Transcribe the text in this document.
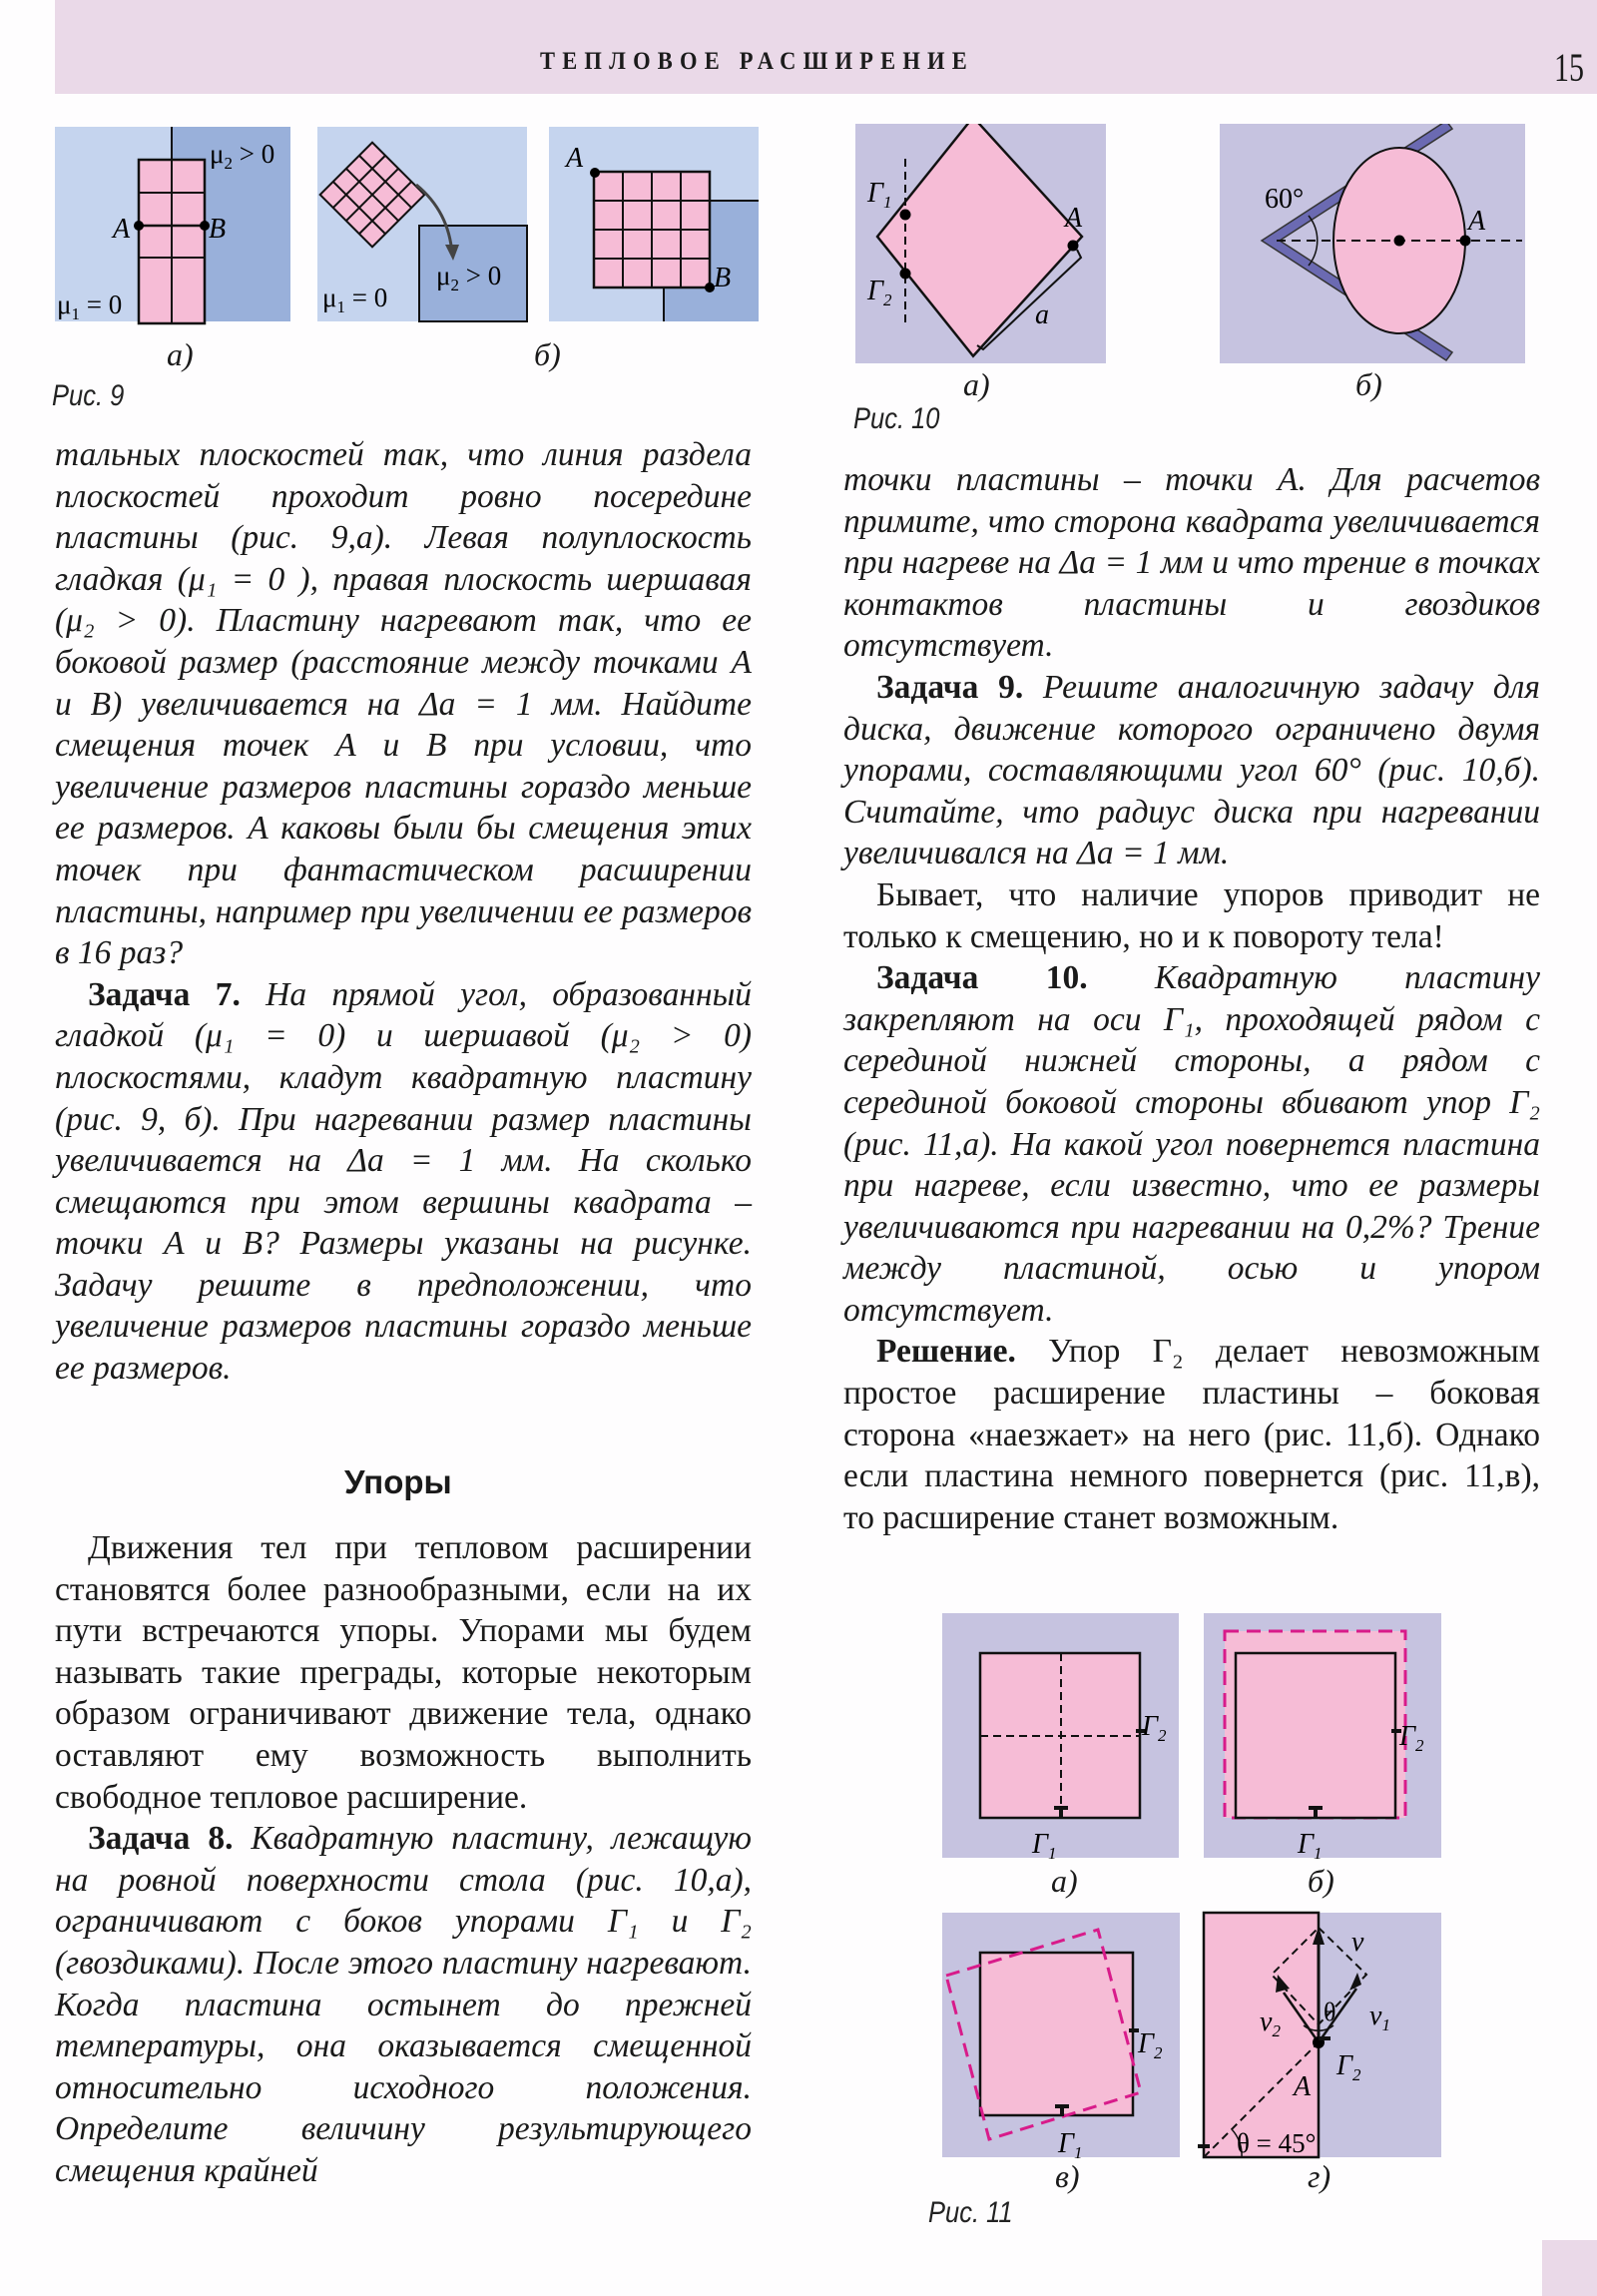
ТЕПЛОВОЕ РАСШИРЕНИЕ	15
A	B
$\mu_2 > 0$
$\mu_1 = 0$
$\mu_2 > 0$
$\mu_1 = 0$
A
B
а)	б)
Рис. 9
$Г_1$
$Г_2$
A
a
60°
A
а)	б)
Рис. 10

тальных плоскостей так, что линия раздела плоскостей проходит ровно посередине пластины (рис. 9,а). Левая полуплоскость гладкая (μ₁ = 0 ), правая плоскость шершавая (μ₂ > 0). Пластину нагревают так, что ее боковой размер (расстояние между точками А и В) увеличивается на Δa = 1 мм. Найдите смещения точек А и В при условии, что увеличение размеров пластины гораздо меньше ее размеров. А каковы были бы смещения этих точек при фантастическом расширении пластины, например при увеличении ее размеров в 16 раз?

Задача 7. На прямой угол, образованный гладкой (μ₁ = 0) и шершавой (μ₂ > 0) плоскостями, кладут квадратную пластину (рис. 9, б). При нагревании размер пластины увеличивается на Δa = 1 мм. На сколько смещаются при этом вершины квадрата – точки А и В? Размеры указаны на рисунке. Задачу решите в предположении, что увеличение размеров пластины гораздо меньше ее размеров.

Упоры

Движения тел при тепловом расширении становятся более разнообразными, если на их пути встречаются упоры. Упорами мы будем называть такие преграды, которые некоторым образом ограничивают движение тела, однако оставляют ему возможность выполнить свободное тепловое расширение.

Задача 8. Квадратную пластину, лежащую на ровной поверхности стола (рис. 10,а), ограничивают с боков упорами Г₁ и Г₂ (гвоздиками). После этого пластину нагревают. Когда пластина остынет до прежней температуры, она оказывается смещенной относительно исходного положения. Определите величину результирующего смещения крайней

точки пластины – точки А. Для расчетов примите, что сторона квадрата увеличивается при нагреве на Δa = 1 мм и что трение в точках контактов пластины и гвоздиков отсутствует.

Задача 9. Решите аналогичную задачу для диска, движение которого ограничено двумя упорами, составляющими угол 60° (рис. 10,б). Считайте, что радиус диска при нагревании увеличивался на Δa = 1 мм.

Бывает, что наличие упоров приводит не только к смещению, но и к повороту тела!

Задача 10. Квадратную пластину закрепляют на оси Г₁, проходящей рядом с серединой нижней стороны, а рядом с серединой боковой стороны вбивают упор Г₂ (рис. 11,а). На какой угол повернется пластина при нагреве, если известно, что ее размеры увеличиваются при нагревании на 0,2%? Трение между пластиной, осью и упором отсутствует.

Решение. Упор Г₂ делает невозможным простое расширение пластины – боковая сторона «наезжает» на него (рис. 11,б). Однако если пластина немного повернется (рис. 11,в), то расширение станет возможным.

$Г_2$
$Г_1$
$Г_2$
$Г_1$
$Г_2$
$Г_1$
v
$v_1$
$v_2$
θ
$Г_2$
A
θ = 45°
а)	б)
в)	г)
Рис. 11
